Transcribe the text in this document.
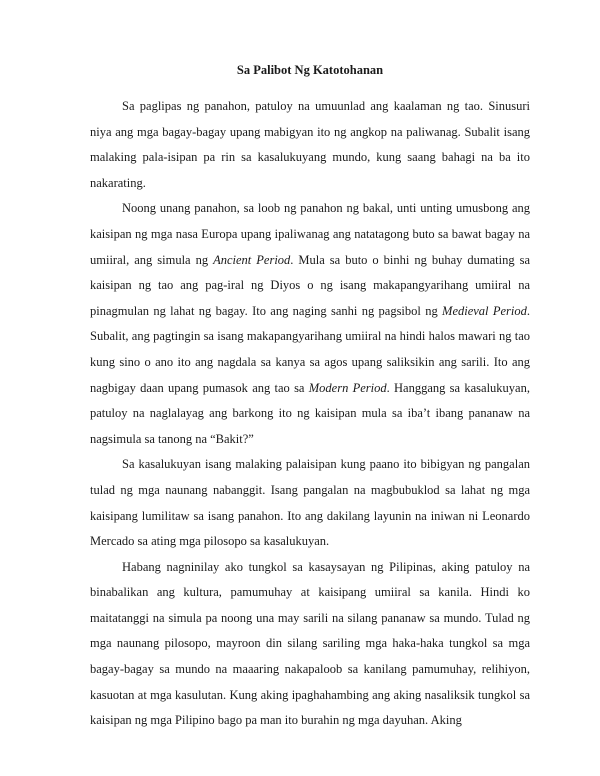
Sa Palibot Ng Katotohanan

Sa paglipas ng panahon, patuloy na umuunlad ang kaalaman ng tao. Sinusuri niya ang mga bagay-bagay upang mabigyan ito ng angkop na paliwanag. Subalit isang malaking pala-isipan pa rin sa kasalukuyang mundo, kung saang bahagi na ba ito nakarating.

Noong unang panahon, sa loob ng panahon ng bakal, unti unting umusbong ang kaisipan ng mga nasa Europa upang ipaliwanag ang natatagong buto sa bawat bagay na umiiral, ang simula ng Ancient Period. Mula sa buto o binhi ng buhay dumating sa kaisipan ng tao ang pag-iral ng Diyos o ng isang makapangyarihang umiiral na pinagmulan ng lahat ng bagay. Ito ang naging sanhi ng pagsibol ng Medieval Period. Subalit, ang pagtingin sa isang makapangyarihang umiiral na hindi halos mawari ng tao kung sino o ano ito ang nagdala sa kanya sa agos upang saliksikin ang sarili. Ito ang nagbigay daan upang pumasok ang tao sa Modern Period. Hanggang sa kasalukuyan, patuloy na naglalayag ang barkong ito ng kaisipan mula sa iba’t ibang pananaw na nagsimula sa tanong na “Bakit?”

Sa kasalukuyan isang malaking palaisipan kung paano ito bibigyan ng pangalan tulad ng mga naunang nabanggit. Isang pangalan na magbubuklod sa lahat ng mga kaisipang lumilitaw sa isang panahon. Ito ang dakilang layunin na iniwan ni Leonardo Mercado sa ating mga pilosopo sa kasalukuyan.

Habang nagninilay ako tungkol sa kasaysayan ng Pilipinas, aking patuloy na binabalikan ang kultura, pamumuhay at kaisipang umiiral sa kanila. Hindi ko maitatanggi na simula pa noong una may sarili na silang pananaw sa mundo. Tulad ng mga naunang pilosopo, mayroon din silang sariling mga haka-haka tungkol sa mga bagay-bagay sa mundo na maaaring nakapaloob sa kanilang pamumuhay, relihiyon, kasuotan at mga kasulutan. Kung aking ipaghahambing ang aking nasaliksik tungkol sa kaisipan ng mga Pilipino bago pa man ito burahin ng mga dayuhan. Aking
